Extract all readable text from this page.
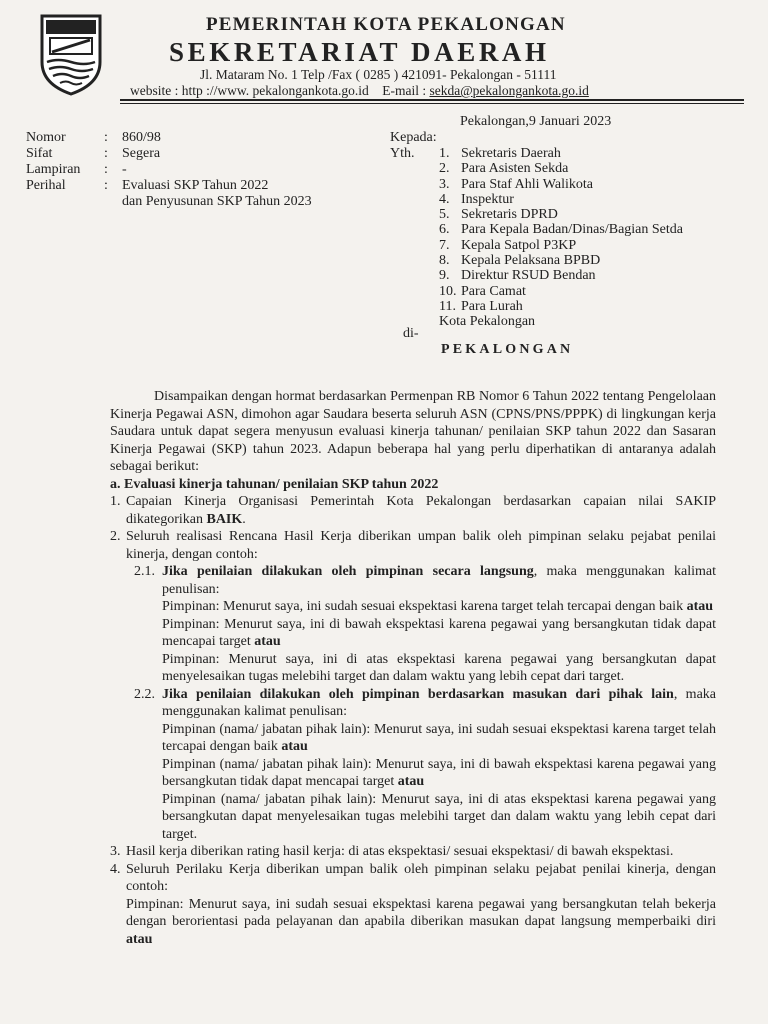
PEMERINTAH KOTA PEKALONGAN
SEKRETARIAT DAERAH
Jl. Mataram No. 1 Telp /Fax ( 0285 ) 421091- Pekalongan - 51111
website : http ://www. pekalongankota.go.id E-mail : sekda@pekalongankota.go.id
Pekalongan,9 Januari 2023
Nomor
Sifat
Lampiran
Perihal
:
:
:
:
860/98
Segera
-
Evaluasi SKP Tahun 2022
dan Penyusunan SKP Tahun 2023
Kepada:
Yth.	1. Sekretaris Daerah
2. Para Asisten Sekda
3. Para Staf Ahli Walikota
4. Inspektur
5. Sekretaris DPRD
6. Para Kepala Badan/Dinas/Bagian Setda
7. Kepala Satpol P3KP
8. Kepala Pelaksana BPBD
9. Direktur RSUD Bendan
10. Para Camat
11. Para Lurah
Kota Pekalongan
di-
PEKALONGAN

Disampaikan dengan hormat berdasarkan Permenpan RB Nomor 6 Tahun 2022 tentang Pengelolaan Kinerja Pegawai ASN, dimohon agar Saudara beserta seluruh ASN (CPNS/PNS/PPPK) di lingkungan kerja Saudara untuk dapat segera menyusun evaluasi kinerja tahunan/ penilaian SKP tahun 2022 dan Sasaran Kinerja Pegawai (SKP) tahun 2023. Adapun beberapa hal yang perlu diperhatikan di antaranya adalah sebagai berikut:

a. Evaluasi kinerja tahunan/ penilaian SKP tahun 2022

1. Capaian Kinerja Organisasi Pemerintah Kota Pekalongan berdasarkan capaian nilai SAKIP dikategorikan BAIK.
2. Seluruh realisasi Rencana Hasil Kerja diberikan umpan balik oleh pimpinan selaku pejabat penilai kinerja, dengan contoh:
2.1. Jika penilaian dilakukan oleh pimpinan secara langsung, maka menggunakan kalimat penulisan:
Pimpinan: Menurut saya, ini sudah sesuai ekspektasi karena target telah tercapai dengan baik atau
Pimpinan: Menurut saya, ini di bawah ekspektasi karena pegawai yang bersangkutan tidak dapat mencapai target atau
Pimpinan: Menurut saya, ini di atas ekspektasi karena pegawai yang bersangkutan dapat menyelesaikan tugas melebihi target dan dalam waktu yang lebih cepat dari target.
2.2. Jika penilaian dilakukan oleh pimpinan berdasarkan masukan dari pihak lain, maka menggunakan kalimat penulisan:
Pimpinan (nama/ jabatan pihak lain): Menurut saya, ini sudah sesuai ekspektasi karena target telah tercapai dengan baik atau
Pimpinan (nama/ jabatan pihak lain): Menurut saya, ini di bawah ekspektasi karena pegawai yang bersangkutan tidak dapat mencapai target atau
Pimpinan (nama/ jabatan pihak lain): Menurut saya, ini di atas ekspektasi karena pegawai yang bersangkutan dapat menyelesaikan tugas melebihi target dan dalam waktu yang lebih cepat dari target.
3. Hasil kerja diberikan rating hasil kerja: di atas ekspektasi/ sesuai ekspektasi/ di bawah ekspektasi.
4. Seluruh Perilaku Kerja diberikan umpan balik oleh pimpinan selaku pejabat penilai kinerja, dengan contoh:
Pimpinan: Menurut saya, ini sudah sesuai ekspektasi karena pegawai yang bersangkutan telah bekerja dengan berorientasi pada pelayanan dan apabila diberikan masukan dapat langsung memperbaiki diri atau
